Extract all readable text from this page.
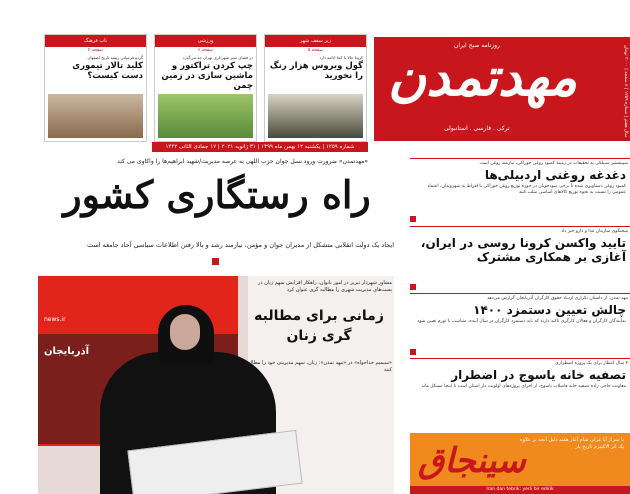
تاب فرهنگ
صفحه ۲
گردو فرعیاتی ریشه تاریخ اصفهان
کلید تالار تیموری دست کیست؟
ورزشی
صفحه ۶
در فضای سبز شهرداری تهران چه می‌گذرد
چپ کردن تراکتور و ماشین سازی در زمین چمن
زیر سقف شهر
صفحه ۵
کرونا حالا تا کجا ادامه دارد
گول ویروس هزار رنگ را نخورید
روزنامه صبح ایران
مهدتمدن
ترکی . فارسی . استانبولی
سال هفتم | شماره ۱۲۵۹ | ۸ صفحه | ۳۰۰۰ تومان
شماره ۱۲۵۹ | یکشنبه ۱۲ بهمن ماه ۱۳۹۹ | ۳۱ ژانویه ۲۰۲۱ | ۱۷ جمادی الثانی ۱۴۴۲
«مهدتمدن» ضرورت ورود نسل جوان حزب اللهی به عرصه مدیریت/شهید ابراهیم‌ها را واکاوی می کند
راه رستگاری کشور
ایجاد یک دولت انقلابی متشکل از مدیران جوان و مؤمن، نیازمند رشد و بالا رفتن اطلاعات سیاسی آحاد جامعه است
news.ir
آذربایجان
مشاور شهردار تبریز در امور بانوان، راهکار افزایش سهم زنان در پست‌های مدیریت شهری را مطالبه گری عنوان کرد
زمانی برای مطالبه گری زنان
«سیمیم خداخواه» در «مهد تمدن»: زنان، سهم مدیریتی خود را مطالبه کنند
سپینستیر سبیلکی به تحقیقات در زمینه کمبود روغن خوراکی، نیازمند روغن است
دغدغه روغنی اردبیلی‌ها
کمبود روغن دستاویزی شده تا برخی سودجویان در حوزه توزیع روغن خوراکی با افراط به شهروندان، اعتماد عمومی را نسبت به نحوه توزیع کالاهای اساسی سلب کنند
سخنگوی سازمان غذا و دارو خبر داد
تایید واکسن کرونا روسی در ایران، آغازی بر همکاری مشترک
مهد تمدن: از داستان تکراری ازدیاد حقوق کارگران آذربایجان گزارش می‌دهد
چالش تعیین دستمزد ۱۴۰۰
نمایندگان کارگران و فعالان کارگری تاکید دارند که باید دستمزد کارگران در سال آینده، متناسب با تورم تعیین شود
۴ سال انتظار برای یک پروژه اضطراری
تصفیه خانه یاسوج در اضطرار
معاونت حاجی زاده تصفیه خانه فاضلاب یاسوج، از اجرای پروژه‌های اولویت دار استان است تا اینجا مشکل ماند
سینجاق
با تیتراژ آیا غزلی شام آغاز هفته دلیل آنچه بر علاوه یک اثر الاکینزم تاریخ بار
Iran dan tebrik: yerli bir edirik
